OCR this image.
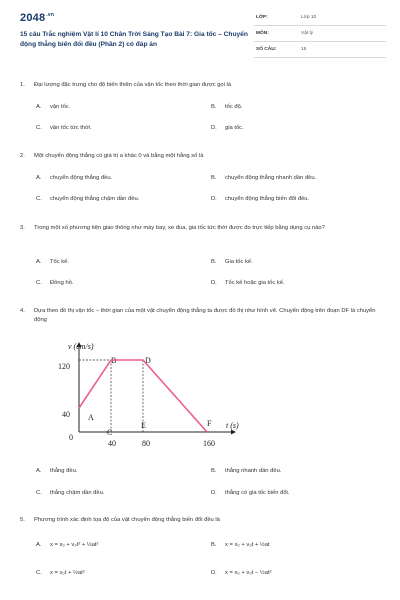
$2048^{.vn}$
15 câu Trắc nghiệm Vật lí 10 Chân Trời Sáng Tạo Bài 7: Gia tốc – Chuyển động thẳng biến đổi đều (Phần 2) có đáp án
LỚP:	Lớp 10
MÔN:	Vật lý
SỐ CÂU:	15
1.	Đại lượng đặc trưng cho độ biến thiên của vận tốc theo thời gian được gọi là
A. vận tốc.	B. tốc độ.
C. vận tốc tức thời.	D. gia tốc.
2.	Một chuyển động thẳng có giá trị a khác 0 và bằng một hằng số là
A. chuyển động thẳng đều.	B. chuyển động thẳng nhanh dần đều.
C. chuyển động thẳng chậm dần đều.	D. chuyển động thẳng biến đổi đều.
3.	Trong một số phương tiện giao thông như máy bay, xe đua, gia tốc tức thời được đo trực tiếp bằng dụng cụ nào?
A. Tốc kế.	B. Gia tốc kế.
C. Đồng hồ.	D. Tốc kế hoặc gia tốc kế.
4.	Dựa theo đồ thị vận tốc – thời gian của một vật chuyển động thẳng ta được đồ thị như hình vẽ. Chuyển động trên đoạn DF là chuyển động
A. thẳng đều.	B. thẳng nhanh dần đều.
C. thẳng chậm dần đều.	D. thẳng có gia tốc biến đổi.
v (cm/s)
t (s)
120
40
0
40	80	160
A
B	D
C
E	F
5.	Phương trình xác định tọa độ của vật chuyển động thẳng biến đổi đều là
A. x = x₀ + v₀t² + ½at²	B. x = x₀ + v₀t + ½at
C. x = v₀t + ½at²	D. x = x₀ + v₀t − ½at²
